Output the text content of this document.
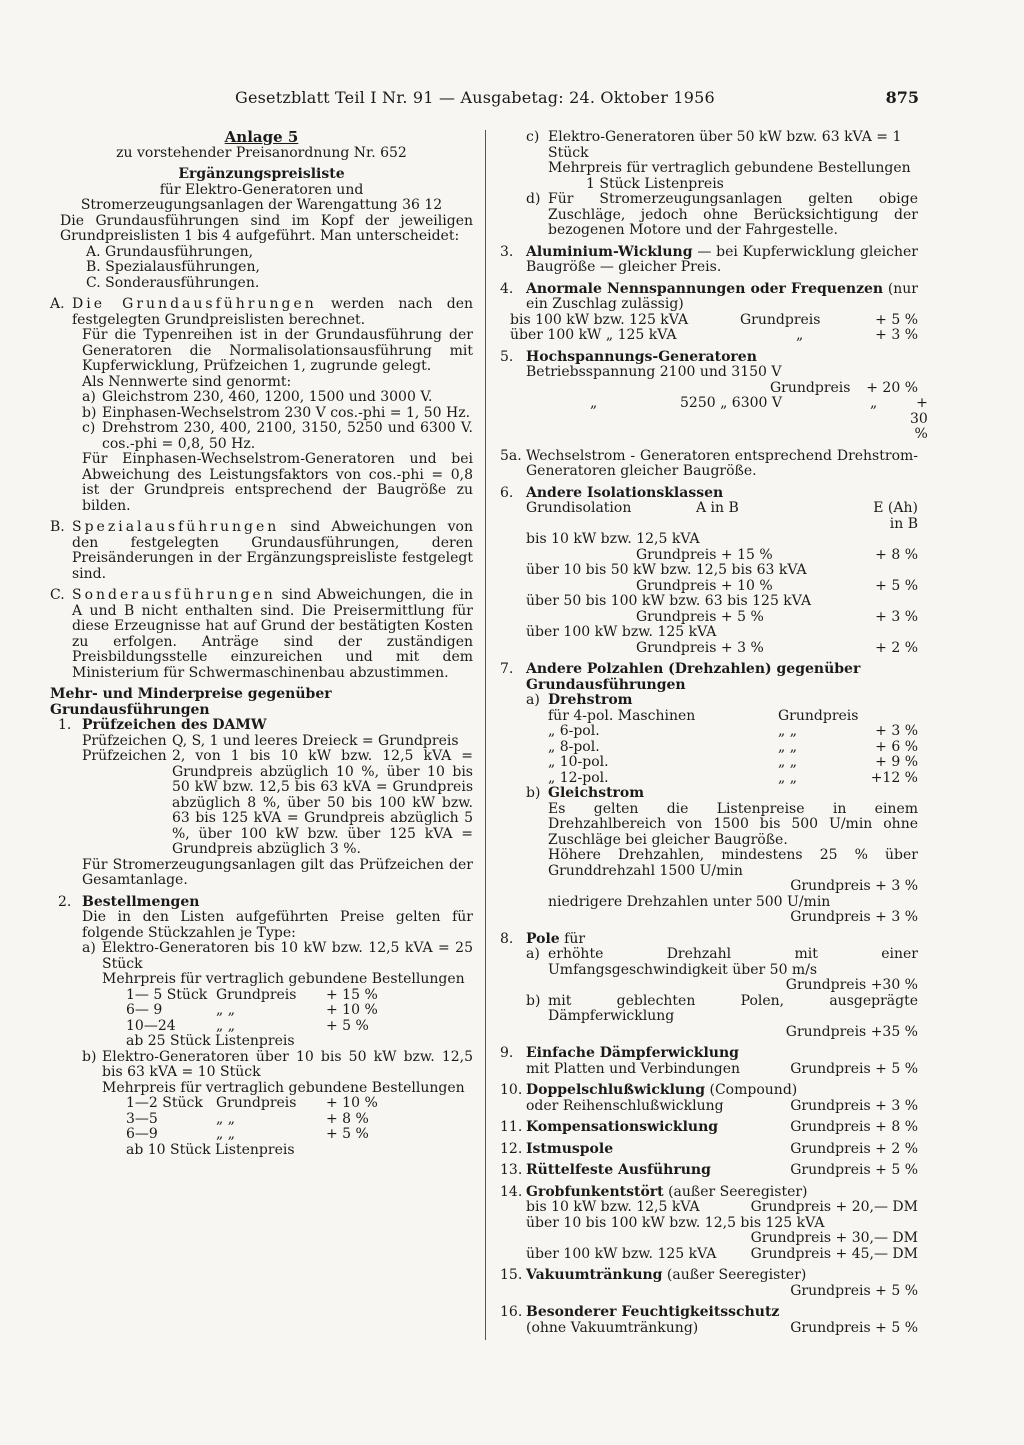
Gesetzblatt Teil I Nr. 91 — Ausgabetag: 24. Oktober 1956	875

Anlage 5

zu vorstehender Preisanordnung Nr. 652

Ergänzungspreisliste

für Elektro-Generatoren und Stromerzeugungsanlagen der Warengattung 36 12

Die Grundausführungen sind im Kopf der jeweiligen Grundpreislisten 1 bis 4 aufgeführt. Man unterscheidet:

A. Grundausführungen,

B. Spezialausführungen,

C. Sonderausführungen.

A. Die Grundausführungen werden nach den festgelegten Grundpreislisten berechnet.

Für die Typenreihen ist in der Grundausführung der Generatoren die Normalisolationsausführung mit Kupferwicklung, Prüfzeichen 1, zugrunde gelegt.

Als Nennwerte sind genormt:

a) Gleichstrom 230, 460, 1200, 1500 und 3000 V.
b) Einphasen-Wechselstrom 230 V cos.-phi = 1, 50 Hz.
c) Drehstrom 230, 400, 2100, 3150, 5250 und 6300 V. cos.-phi = 0,8, 50 Hz.

Für Einphasen-Wechselstrom-Generatoren und bei Abweichung des Leistungsfaktors von cos.-phi = 0,8 ist der Grundpreis entsprechend der Baugröße zu bilden.

B. Spezialausführungen sind Abweichungen von den festgelegten Grundausführungen, deren Preisänderungen in der Ergänzungspreisliste festgelegt sind.
C. Sonderausführungen sind Abweichungen, die in A und B nicht enthalten sind. Die Preisermittlung für diese Erzeugnisse hat auf Grund der bestätigten Kosten zu erfolgen. Anträge sind der zuständigen Preisbildungsstelle einzureichen und mit dem Ministerium für Schwermaschinenbau abzustimmen.

Mehr- und Minderpreise gegenüber Grundausführungen

1. Prüfzeichen des DAMW
Prüfzeichen Q, S, 1 und leeres Dreieck = Grundpreis
Prüfzeichen 2, von 1 bis 10 kW bzw. 12,5 kVA = Grundpreis abzüglich 10 %, über 10 bis 50 kW bzw. 12,5 bis 63 kVA = Grundpreis abzüglich 8 %, über 50 bis 100 kW bzw. 63 bis 125 kVA = Grundpreis abzüglich 5 %, über 100 kW bzw. über 125 kVA = Grundpreis abzüglich 3 %.

Für Stromerzeugungsanlagen gilt das Prüfzeichen der Gesamtanlage.

2. Bestellmengen

Die in den Listen aufgeführten Preise gelten für folgende Stückzahlen je Type:

a) Elektro-Generatoren bis 10 kW bzw. 12,5 kVA = 25 Stück

Mehrpreis für vertraglich gebundene Bestellungen

1— 5 Stück Grundpreis	+ 15 %
6— 9	„ „	+ 10 %
10—24	„ „	+ 5 %

ab 25 Stück Listenpreis

b) Elektro-Generatoren über 10 bis 50 kW bzw. 12,5 bis 63 kVA = 10 Stück

Mehrpreis für vertraglich gebundene Bestellungen

1—2 Stück Grundpreis	+ 10 %
3—5	„ „	+ 8 %
6—9	„ „	+ 5 %

ab 10 Stück Listenpreis

c) Elektro-Generatoren über 50 kW bzw. 63 kVA = 1 Stück

Mehrpreis für vertraglich gebundene Bestellungen

1 Stück Listenpreis

d) Für Stromerzeugungsanlagen gelten obige Zuschläge, jedoch ohne Berücksichtigung der bezogenen Motore und der Fahrgestelle.
3. Aluminium-Wicklung — bei Kupferwicklung gleicher Baugröße — gleicher Preis.
4. Anormale Nennspannungen oder Frequenzen (nur ein Zuschlag zulässig)
bis 100 kW bzw. 125 kVA	Grundpreis	+ 5 %
über 100 kW „ 125 kVA	„	+ 3 %
5. Hochspannungs-Generatoren

Betriebsspannung 2100 und 3150 V

Grundpreis + 20 %
„	5250 „ 6300 V	„	+ 30 %
5a. Wechselstrom - Generatoren entsprechend Drehstrom-Generatoren gleicher Baugröße.
6. Andere Isolationsklassen
Grundisolation	A in B	E (Ah) in B

bis 10 kW bzw. 12,5 kVA

Grundpreis + 15 %	+ 8 %

über 10 bis 50 kW bzw. 12,5 bis 63 kVA

Grundpreis + 10 %	+ 5 %

über 50 bis 100 kW bzw. 63 bis 125 kVA

Grundpreis + 5 %	+ 3 %

über 100 kW bzw. 125 kVA

Grundpreis + 3 %	+ 2 %
7. Andere Polzahlen (Drehzahlen) gegenüber Grundausführungen
a) Drehstrom
für 4-pol. Maschinen	Grundpreis
„ 6-pol.	„ „	+ 3 %
„ 8-pol.	„ „	+ 6 %
„ 10-pol.	„ „	+ 9 %
„ 12-pol.	„ „	+12 %
b) Gleichstrom

Es gelten die Listenpreise in einem Drehzahlbereich von 1500 bis 500 U/min ohne Zuschläge bei gleicher Baugröße.

Höhere Drehzahlen, mindestens 25 % über Grunddrehzahl 1500 U/min

Grundpreis + 3 %

niedrigere Drehzahlen unter 500 U/min

Grundpreis + 3 %

8. Pole für
a) erhöhte Drehzahl mit einer Umfangsgeschwindigkeit über 50 m/s

Grundpreis +30 %

b) mit geblechten Polen, ausgeprägte Dämpferwicklung

Grundpreis +35 %

9. Einfache Dämpferwicklung
mit Platten und Verbindungen	Grundpreis + 5 %
10. Doppelschlußwicklung (Compound)
oder Reihenschlußwicklung	Grundpreis + 3 %
11. Kompensationswicklung	Grundpreis + 8 %
12. Istmuspole	Grundpreis + 2 %
13. Rüttelfeste Ausführung	Grundpreis + 5 %
14. Grobfunkentstört (außer Seeregister)
bis 10 kW bzw. 12,5 kVA	Grundpreis + 20,— DM

über 10 bis 100 kW bzw. 12,5 bis 125 kVA

Grundpreis + 30,— DM

über 100 kW bzw. 125 kVA Grundpreis + 45,— DM
15. Vakuumtränkung (außer Seeregister)

Grundpreis + 5 %

16. Besonderer Feuchtigkeitsschutz
(ohne Vakuumtränkung)	Grundpreis + 5 %
